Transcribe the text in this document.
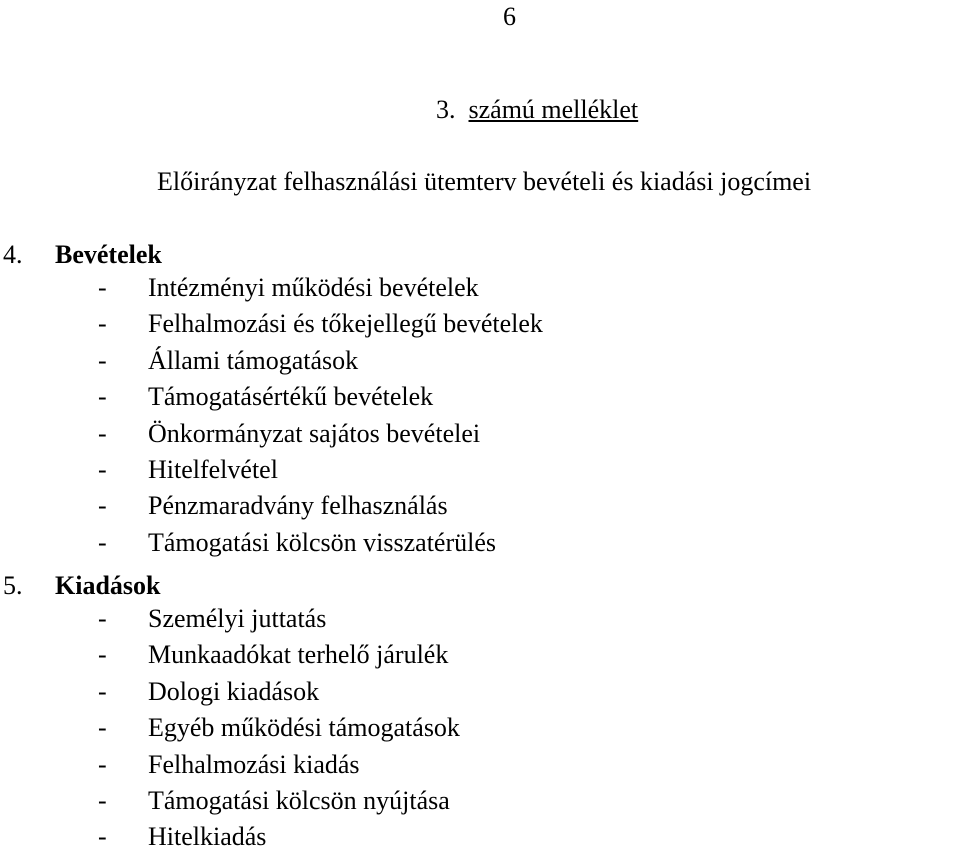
6
3. számú melléklet
Előirányzat felhasználási ütemterv bevételi és kiadási jogcímei
4. Bevételek
- Intézményi működési bevételek
- Felhalmozási és tőkejellegű bevételek
- Állami támogatások
- Támogatásértékű bevételek
- Önkormányzat sajátos bevételei
- Hitelfelvétel
- Pénzmaradvány felhasználás
- Támogatási kölcsön visszatérülés
5. Kiadások
- Személyi juttatás
- Munkaadókat terhelő járulék
- Dologi kiadások
- Egyéb működési támogatások
- Felhalmozási kiadás
- Támogatási kölcsön nyújtása
- Hitelkiadás
